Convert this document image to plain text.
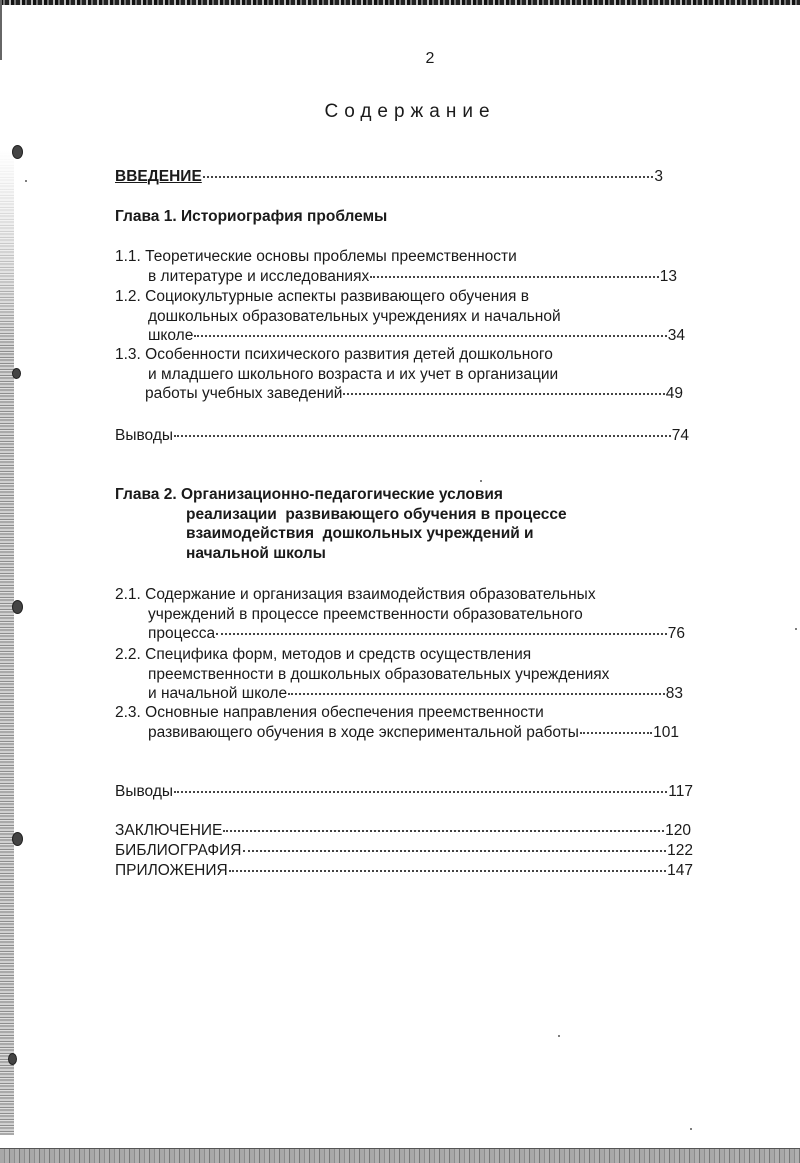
2
Содержание
ВВЕДЕНИЕ	3
Глава 1. Историография проблемы
1.1. Теоретические основы проблемы преемственности
в литературе и исследованиях	13
1.2. Социокультурные аспекты развивающего обучения в
дошкольных образовательных учреждениях и начальной
школе	34
1.3. Особенности психического развития детей дошкольного
и младшего школьного возраста и их учет в организации
работы учебных заведений	49
Выводы	74
Глава 2. Организационно-педагогические условия
реализации  развивающего обучения в процессе
взаимодействия  дошкольных учреждений и
начальной школы
2.1. Содержание и организация взаимодействия образовательных
учреждений в процессе преемственности образовательного
процесса	76
2.2. Специфика форм, методов и средств осуществления
преемственности в дошкольных образовательных учреждениях
и начальной школе	83
2.3. Основные направления обеспечения преемственности
развивающего обучения в ходе экспериментальной работы	101
Выводы	117
ЗАКЛЮЧЕНИЕ	120
БИБЛИОГРАФИЯ	122
ПРИЛОЖЕНИЯ	147
